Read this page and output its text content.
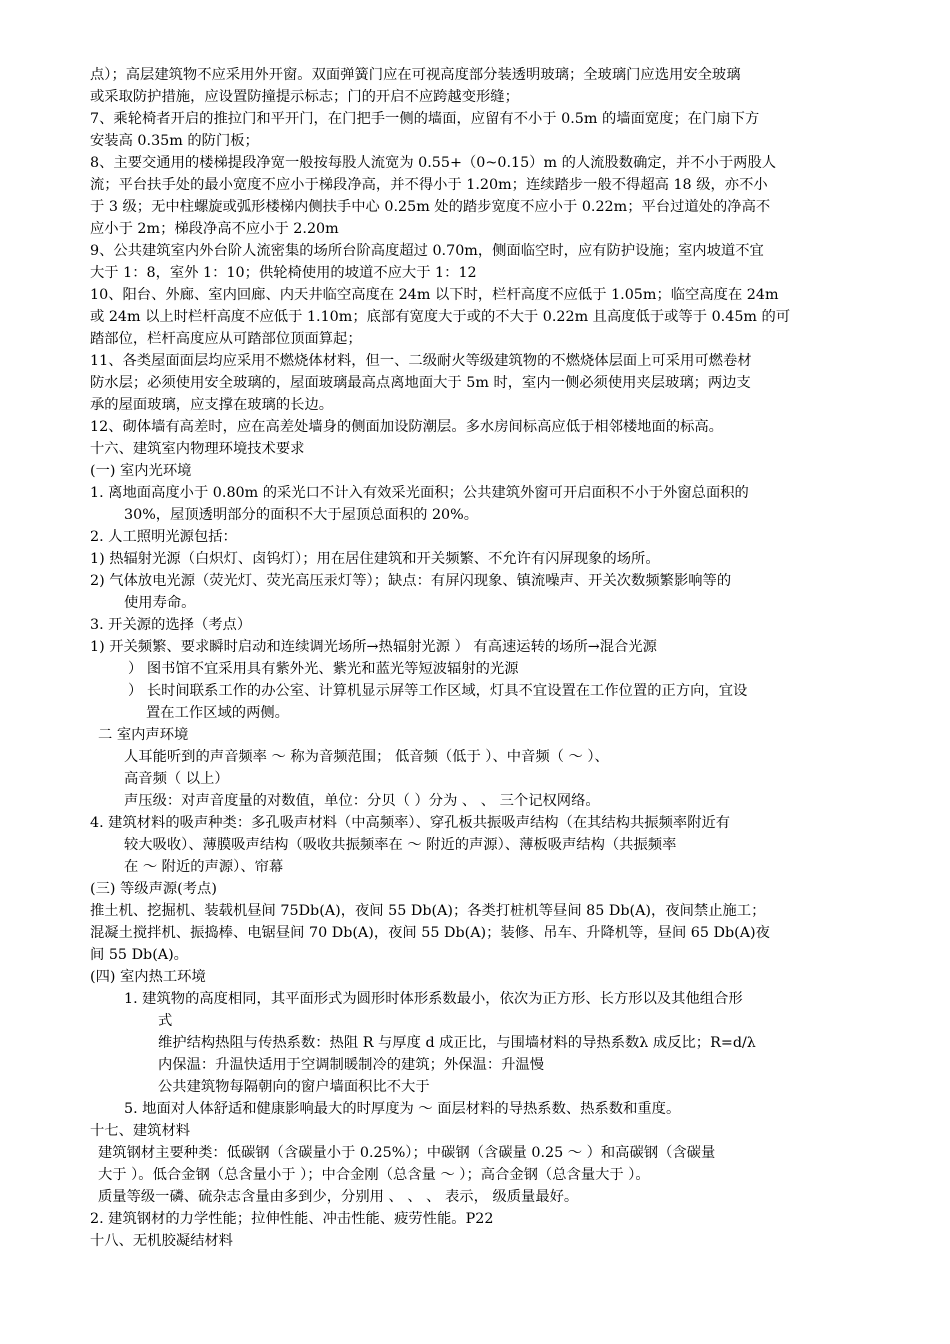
点）；高层建筑物不应采用外开窗。双面弹簧门应在可视高度部分装透明玻璃；全玻璃门应选用安全玻璃
或采取防护措施，应设置防撞提示标志；门的开启不应跨越变形缝；
7、乘轮椅者开启的推拉门和平开门，在门把手一侧的墙面，应留有不小于 0.5m 的墙面宽度；在门扇下方
安装高 0.35m 的防门板；
8、主要交通用的楼梯提段净宽一般按每股人流宽为 0.55+（0~0.15）m 的人流股数确定，并不小于两股人
流；平台扶手处的最小宽度不应小于梯段净高，并不得小于 1.20m；连续踏步一般不得超高 18 级，亦不小
于 3 级；无中柱螺旋或弧形楼梯内侧扶手中心 0.25m 处的踏步宽度不应小于 0.22m；平台过道处的净高不
应小于 2m；梯段净高不应小于 2.20m
9、公共建筑室内外台阶人流密集的场所台阶高度超过 0.70m，侧面临空时，应有防护设施；室内坡道不宜
大于 1：8，室外 1：10；供轮椅使用的坡道不应大于 1：12
10、阳台、外廊、室内回廊、内天井临空高度在 24m 以下时，栏杆高度不应低于 1.05m；临空高度在 24m
或 24m 以上时栏杆高度不应低于 1.10m；底部有宽度大于或的不大于 0.22m 且高度低于或等于 0.45m 的可
踏部位，栏杆高度应从可踏部位顶面算起；
11、各类屋面面层均应采用不燃烧体材料，但一、二级耐火等级建筑物的不燃烧体层面上可采用可燃卷材
防水层；必须使用安全玻璃的，屋面玻璃最高点离地面大于 5m 时，室内一侧必须使用夹层玻璃；两边支
承的屋面玻璃，应支撑在玻璃的长边。
12、砌体墙有高差时，应在高差处墙身的侧面加设防潮层。多水房间标高应低于相邻楼地面的标高。
十六、建筑室内物理环境技术要求
(一) 室内光环境
1. 离地面高度小于 0.80m 的采光口不计入有效采光面积；公共建筑外窗可开启面积不小于外窗总面积的
30%，屋顶透明部分的面积不大于屋顶总面积的 20%。
2. 人工照明光源包括：
1) 热辐射光源（白炽灯、卤钨灯）；用在居住建筑和开关频繁、不允许有闪屏现象的场所。
2) 气体放电光源（荧光灯、荧光高压汞灯等）；缺点：有屏闪现象、镇流噪声、开关次数频繁影响等的
使用寿命。
3. 开关源的选择（考点）
1) 开关频繁、要求瞬时启动和连续调光场所→热辐射光源 ） 有高速运转的场所→混合光源
） 图书馆不宜采用具有紫外光、紫光和蓝光等短波辐射的光源
） 长时间联系工作的办公室、计算机显示屏等工作区域，灯具不宜设置在工作位置的正方向，宜设
置在工作区域的两侧。
二 室内声环境
人耳能听到的声音频率 ～ 称为音频范围； 低音频（低于 ）、中音频（ ～ ）、
高音频（ 以上）
声压级：对声音度量的对数值，单位：分贝（ ）分为 、 、 三个记权网络。
4. 建筑材料的吸声种类：多孔吸声材料（中高频率）、穿孔板共振吸声结构（在其结构共振频率附近有
较大吸收）、薄膜吸声结构（吸收共振频率在 ～ 附近的声源）、薄板吸声结构（共振频率
在 ～ 附近的声源）、帘幕
(三) 等级声源(考点)
推土机、挖掘机、装载机昼间 75Db(A)，夜间 55 Db(A)；各类打桩机等昼间 85 Db(A)，夜间禁止施工；
混凝土搅拌机、振捣棒、电锯昼间 70 Db(A)，夜间 55 Db(A)；装修、吊车、升降机等，昼间 65 Db(A)夜
间 55 Db(A)。
(四) 室内热工环境
1. 建筑物的高度相同，其平面形式为圆形时体形系数最小，依次为正方形、长方形以及其他组合形
式
维护结构热阻与传热系数：热阻 R 与厚度 d 成正比，与围墙材料的导热系数λ 成反比；R=d/λ
内保温：升温快适用于空调制暖制冷的建筑；外保温：升温慢
公共建筑物每隔朝向的窗户墙面积比不大于
5. 地面对人体舒适和健康影响最大的时厚度为 ～ 面层材料的导热系数、热系数和重度。
十七、建筑材料
建筑钢材主要种类：低碳钢（含碳量小于 0.25%）；中碳钢（含碳量 0.25 ～ ）和高碳钢（含碳量
大于 ）。低合金钢（总含量小于 ）；中合金刚（总含量 ～ ）；高合金钢（总含量大于 ）。
质量等级一磷、硫杂志含量由多到少，分别用 、 、 、 表示， 级质量最好。
2. 建筑钢材的力学性能；拉伸性能、冲击性能、疲劳性能。P22
十八、无机胶凝结材料
